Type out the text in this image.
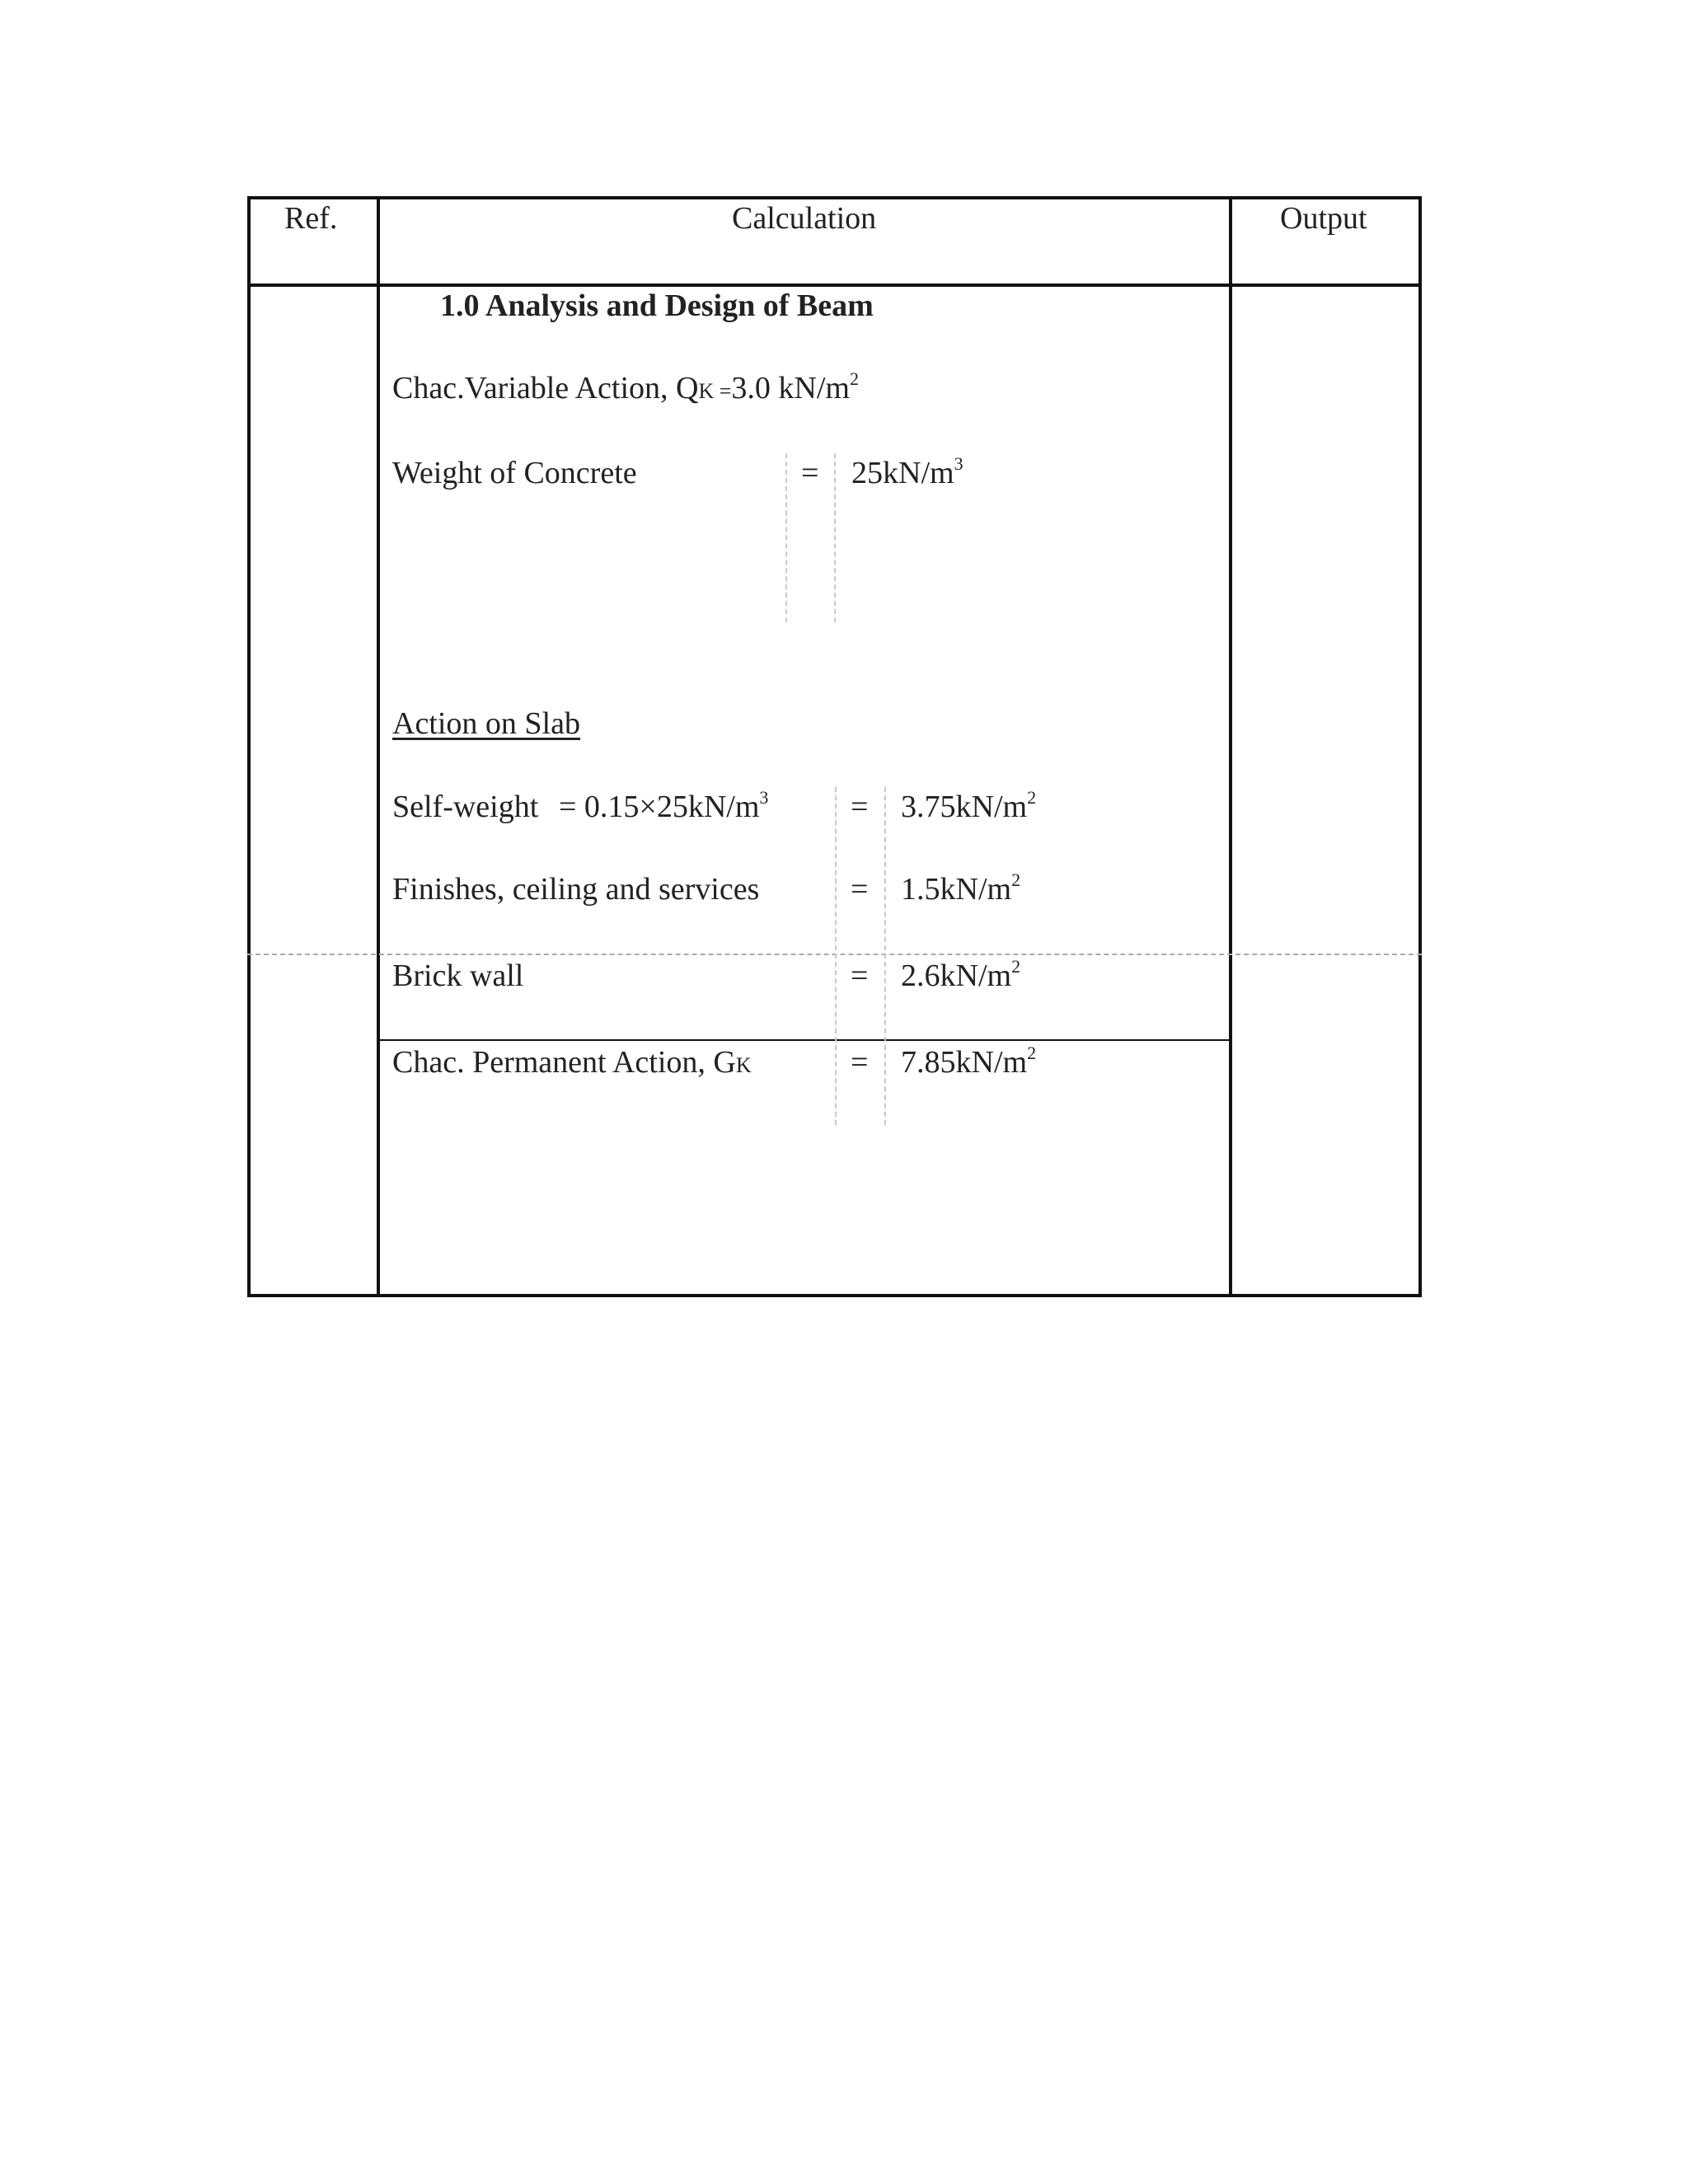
Ref.	Calculation	Output
1.0 Analysis and Design of Beam
Chac.Variable Action, QK =3.0 $kN/m^2$
Weight of Concrete	= $25kN/m^3$
Action on Slab
Self-weight = $0.15\times 25kN/m^3$	= $3.75kN/m^2$
Finishes, ceiling and services	= $1.5kN/m^2$
Brick wall	= $2.6kN/m^2$
Chac. Permanent Action, GK	= $7.85kN/m^2$
